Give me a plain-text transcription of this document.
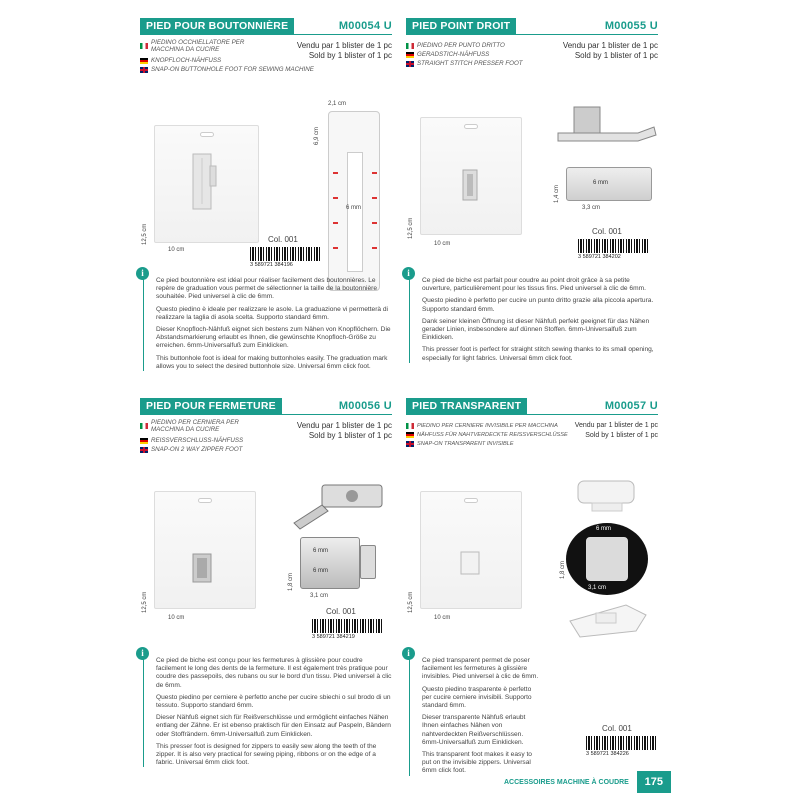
PIED POUR BOUTONNIÈRE	M00054 U
PIEDINO OCCHIELLATORE PER MACCHINA DA CUCIRE
KNOPFLOCH-NÄHFUSS
SNAP-ON BUTTONHOLE FOOT FOR SEWING MACHINE
Vendu par 1 blister de 1 pc
Sold by 1 blister of 1 pc
12,5 cm
10 cm
2,1 cm
6,9 cm
6 mm
Col. 001
3 589721 384196
i

Ce pied boutonnière est idéal pour réaliser facilement des boutonnières. Le repère de graduation vous permet de sélectionner la taille de la boutonnière souhaitée. Pied universel à clic de 6mm.

Questo piedino è ideale per realizzare le asole. La graduazione vi permetterà di realizzare la taglia di asola scelta. Supporto standard 6mm.

Dieser Knopfloch-Nähfuß eignet sich bestens zum Nähen von Knopflöchern. Die Abstandsmarkierung erlaubt es Ihnen, die gewünschte Knopfloch-Größe zu erreichen. 6mm-Universalfuß zum Einklicken.

This buttonhole foot is ideal for making buttonholes easily. The graduation mark allows you to select the desired buttonhole size. Universal 6mm click foot.

PIED POINT DROIT	M00055 U
PIEDINO PER PUNTO DRITTO
GERADSTICH-NÄHFUSS
STRAIGHT STITCH PRESSER FOOT
Vendu par 1 blister de 1 pc
Sold by 1 blister of 1 pc
12,5 cm
10 cm
6 mm
1,4 cm
3,3 cm
Col. 001
3 589721 384202
i

Ce pied de biche est parfait pour coudre au point droit grâce à sa petite ouverture, particulièrement pour les tissus fins. Pied universel à clic de 6mm.

Questo piedino è perfetto per cucire un punto dritto grazie alla piccola apertura. Supporto standard 6mm.

Dank seiner kleinen Öffnung ist dieser Nähfuß perfekt geeignet für das Nähen gerader Linien, insbesondere auf dünnen Stoffen. 6mm-Universalfuß zum Einklicken.

This presser foot is perfect for straight stitch sewing thanks to its small opening, especially for light fabrics. Universal 6mm click foot.

PIED POUR FERMETURE	M00056 U
PIEDINO PER CERNIERA PER MACCHINA DA CUCIRE
REISSVERSCHLUSS-NÄHFUSS
SNAP-ON 2 WAY ZIPPER FOOT
Vendu par 1 blister de 1 pc
Sold by 1 blister of 1 pc
12,5 cm
10 cm
6 mm
6 mm
1,8 cm
3,1 cm
Col. 001
3 589721 384219
i

Ce pied de biche est conçu pour les fermetures à glissière pour coudre facilement le long des dents de la fermeture. Il est également très pratique pour coudre des passepoils, des rubans ou sur le bord d'un tissu. Pied universel à clic de 6mm.

Questo piedino per cerniere è perfetto anche per cucire sbiechi o sul brodo di un tessuto. Supporto standard 6mm.

Dieser Nähfuß eignet sich für Reißverschlüsse und ermöglicht einfaches Nähen entlang der Zähne. Er ist ebenso praktisch für den Einsatz auf Paspeln, Bändern oder Stoffrändern. 6mm-Universalfuß zum Einklicken.

This presser foot is designed for zippers to easily sew along the teeth of the zipper. It is also very practical for sewing piping, ribbons or on the edge of a fabric. Universal 6mm click foot.

PIED TRANSPARENT	M00057 U
PIEDINO PER CERNIERE INVISIBILE PER MACCHINA
NÄHFUSS FÜR NAHTVERDECKTE REISSVERSCHLÜSSE
SNAP-ON TRANSPARENT INVISIBLE
Vendu par 1 blister de 1 pc
Sold by 1 blister of 1 pc
12,5 cm
10 cm
6 mm
1,8 cm
3,1 cm
i

Ce pied transparent permet de poser facilement les fermetures à glissière invisibles. Pied universel à clic de 6mm.

Questo piedino trasparente è perfetto per cucire cerniere invisibili. Supporto standard 6mm.

Dieser transparente Nähfuß erlaubt Ihnen einfaches Nähen von nahtverdeckten Reißverschlüssen. 6mm-Universalfuß zum Einklicken.

This transparent foot makes it easy to put on the invisible zippers. Universal 6mm click foot.

Col. 001
3 589721 384226
ACCESSOIRES MACHINE À COUDRE	175
